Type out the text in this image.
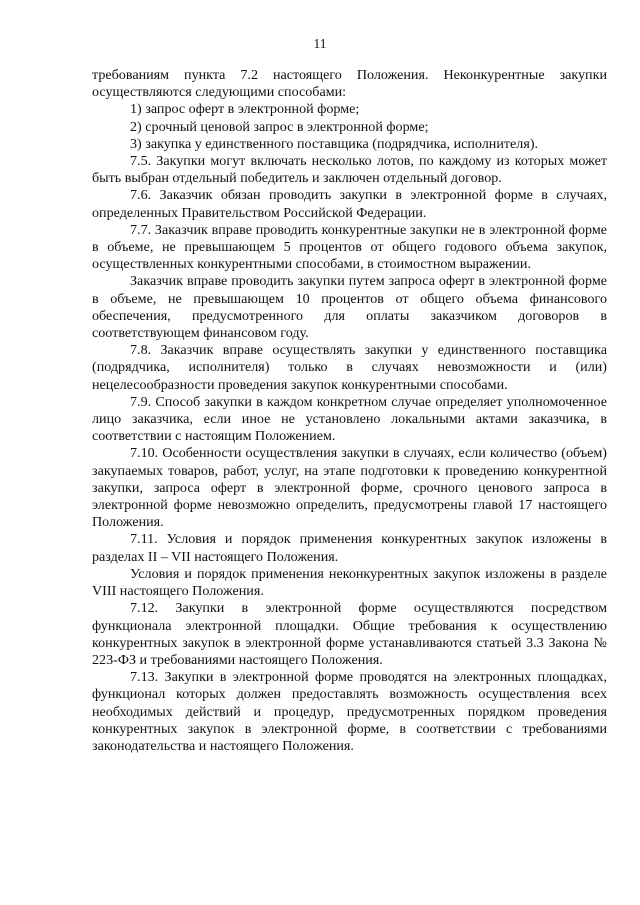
11

требованиям пункта 7.2 настоящего Положения. Неконкурентные закупки осуществляются следующими способами:

1) запрос оферт в электронной форме;

2) срочный ценовой запрос в электронной форме;

3) закупка у единственного поставщика (подрядчика, исполнителя).

7.5. Закупки могут включать несколько лотов, по каждому из которых может быть выбран отдельный победитель и заключен отдельный договор.

7.6. Заказчик обязан проводить закупки в электронной форме в случаях, определенных Правительством Российской Федерации.

7.7. Заказчик вправе проводить конкурентные закупки не в электронной форме в объеме, не превышающем 5 процентов от общего годового объема закупок, осуществленных конкурентными способами, в стоимостном выражении.

Заказчик вправе проводить закупки путем запроса оферт в электронной форме в объеме, не превышающем 10 процентов от общего объема финансового обеспечения, предусмотренного для оплаты заказчиком договоров в соответствующем финансовом году.

7.8. Заказчик вправе осуществлять закупки у единственного поставщика (подрядчика, исполнителя) только в случаях невозможности и (или) нецелесообразности проведения закупок конкурентными способами.

7.9. Способ закупки в каждом конкретном случае определяет уполномоченное лицо заказчика, если иное не установлено локальными актами заказчика, в соответствии с настоящим Положением.

7.10. Особенности осуществления закупки в случаях, если количество (объем) закупаемых товаров, работ, услуг, на этапе подготовки к проведению конкурентной закупки, запроса оферт в электронной форме, срочного ценового запроса в электронной форме невозможно определить, предусмотрены главой 17 настоящего Положения.

7.11. Условия и порядок применения конкурентных закупок изложены в разделах II – VII настоящего Положения.

Условия и порядок применения неконкурентных закупок изложены в разделе VIII настоящего Положения.

7.12. Закупки в электронной форме осуществляются посредством функционала электронной площадки. Общие требования к осуществлению конкурентных закупок в электронной форме устанавливаются статьей 3.3 Закона № 223-ФЗ и требованиями настоящего Положения.

7.13. Закупки в электронной форме проводятся на электронных площадках, функционал которых должен предоставлять возможность осуществления всех необходимых действий и процедур, предусмотренных порядком проведения конкурентных закупок в электронной форме, в соответствии с требованиями законодательства и настоящего Положения.
